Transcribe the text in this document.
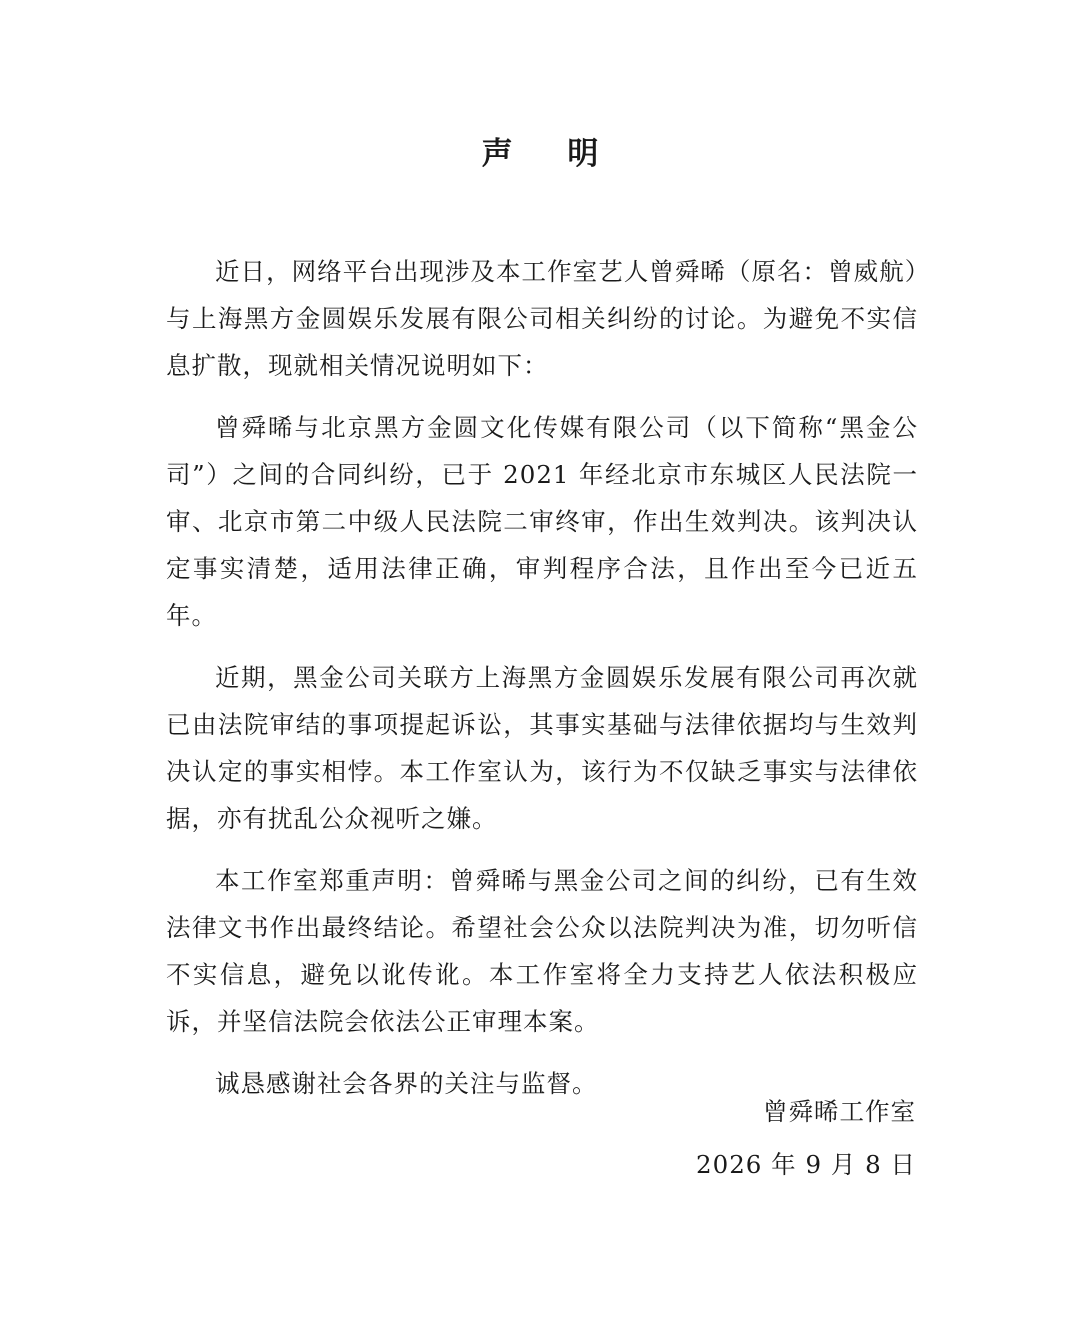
声 明

近日，网络平台出现涉及本工作室艺人曾舜晞（原名：曾威航）与上海黑方金圆娱乐发展有限公司相关纠纷的讨论。为避免不实信息扩散，现就相关情况说明如下：

曾舜晞与北京黑方金圆文化传媒有限公司（以下简称“黑金公司”）之间的合同纠纷，已于 2021 年经北京市东城区人民法院一审、北京市第二中级人民法院二审终审，作出生效判决。该判决认定事实清楚，适用法律正确，审判程序合法，且作出至今已近五年。

近期，黑金公司关联方上海黑方金圆娱乐发展有限公司再次就已由法院审结的事项提起诉讼，其事实基础与法律依据均与生效判决认定的事实相悖。本工作室认为，该行为不仅缺乏事实与法律依据，亦有扰乱公众视听之嫌。

本工作室郑重声明：曾舜晞与黑金公司之间的纠纷，已有生效法律文书作出最终结论。希望社会公众以法院判决为准，切勿听信不实信息，避免以讹传讹。本工作室将全力支持艺人依法积极应诉，并坚信法院会依法公正审理本案。

诚恳感谢社会各界的关注与监督。

曾舜晞工作室
2026 年 9 月 8 日
